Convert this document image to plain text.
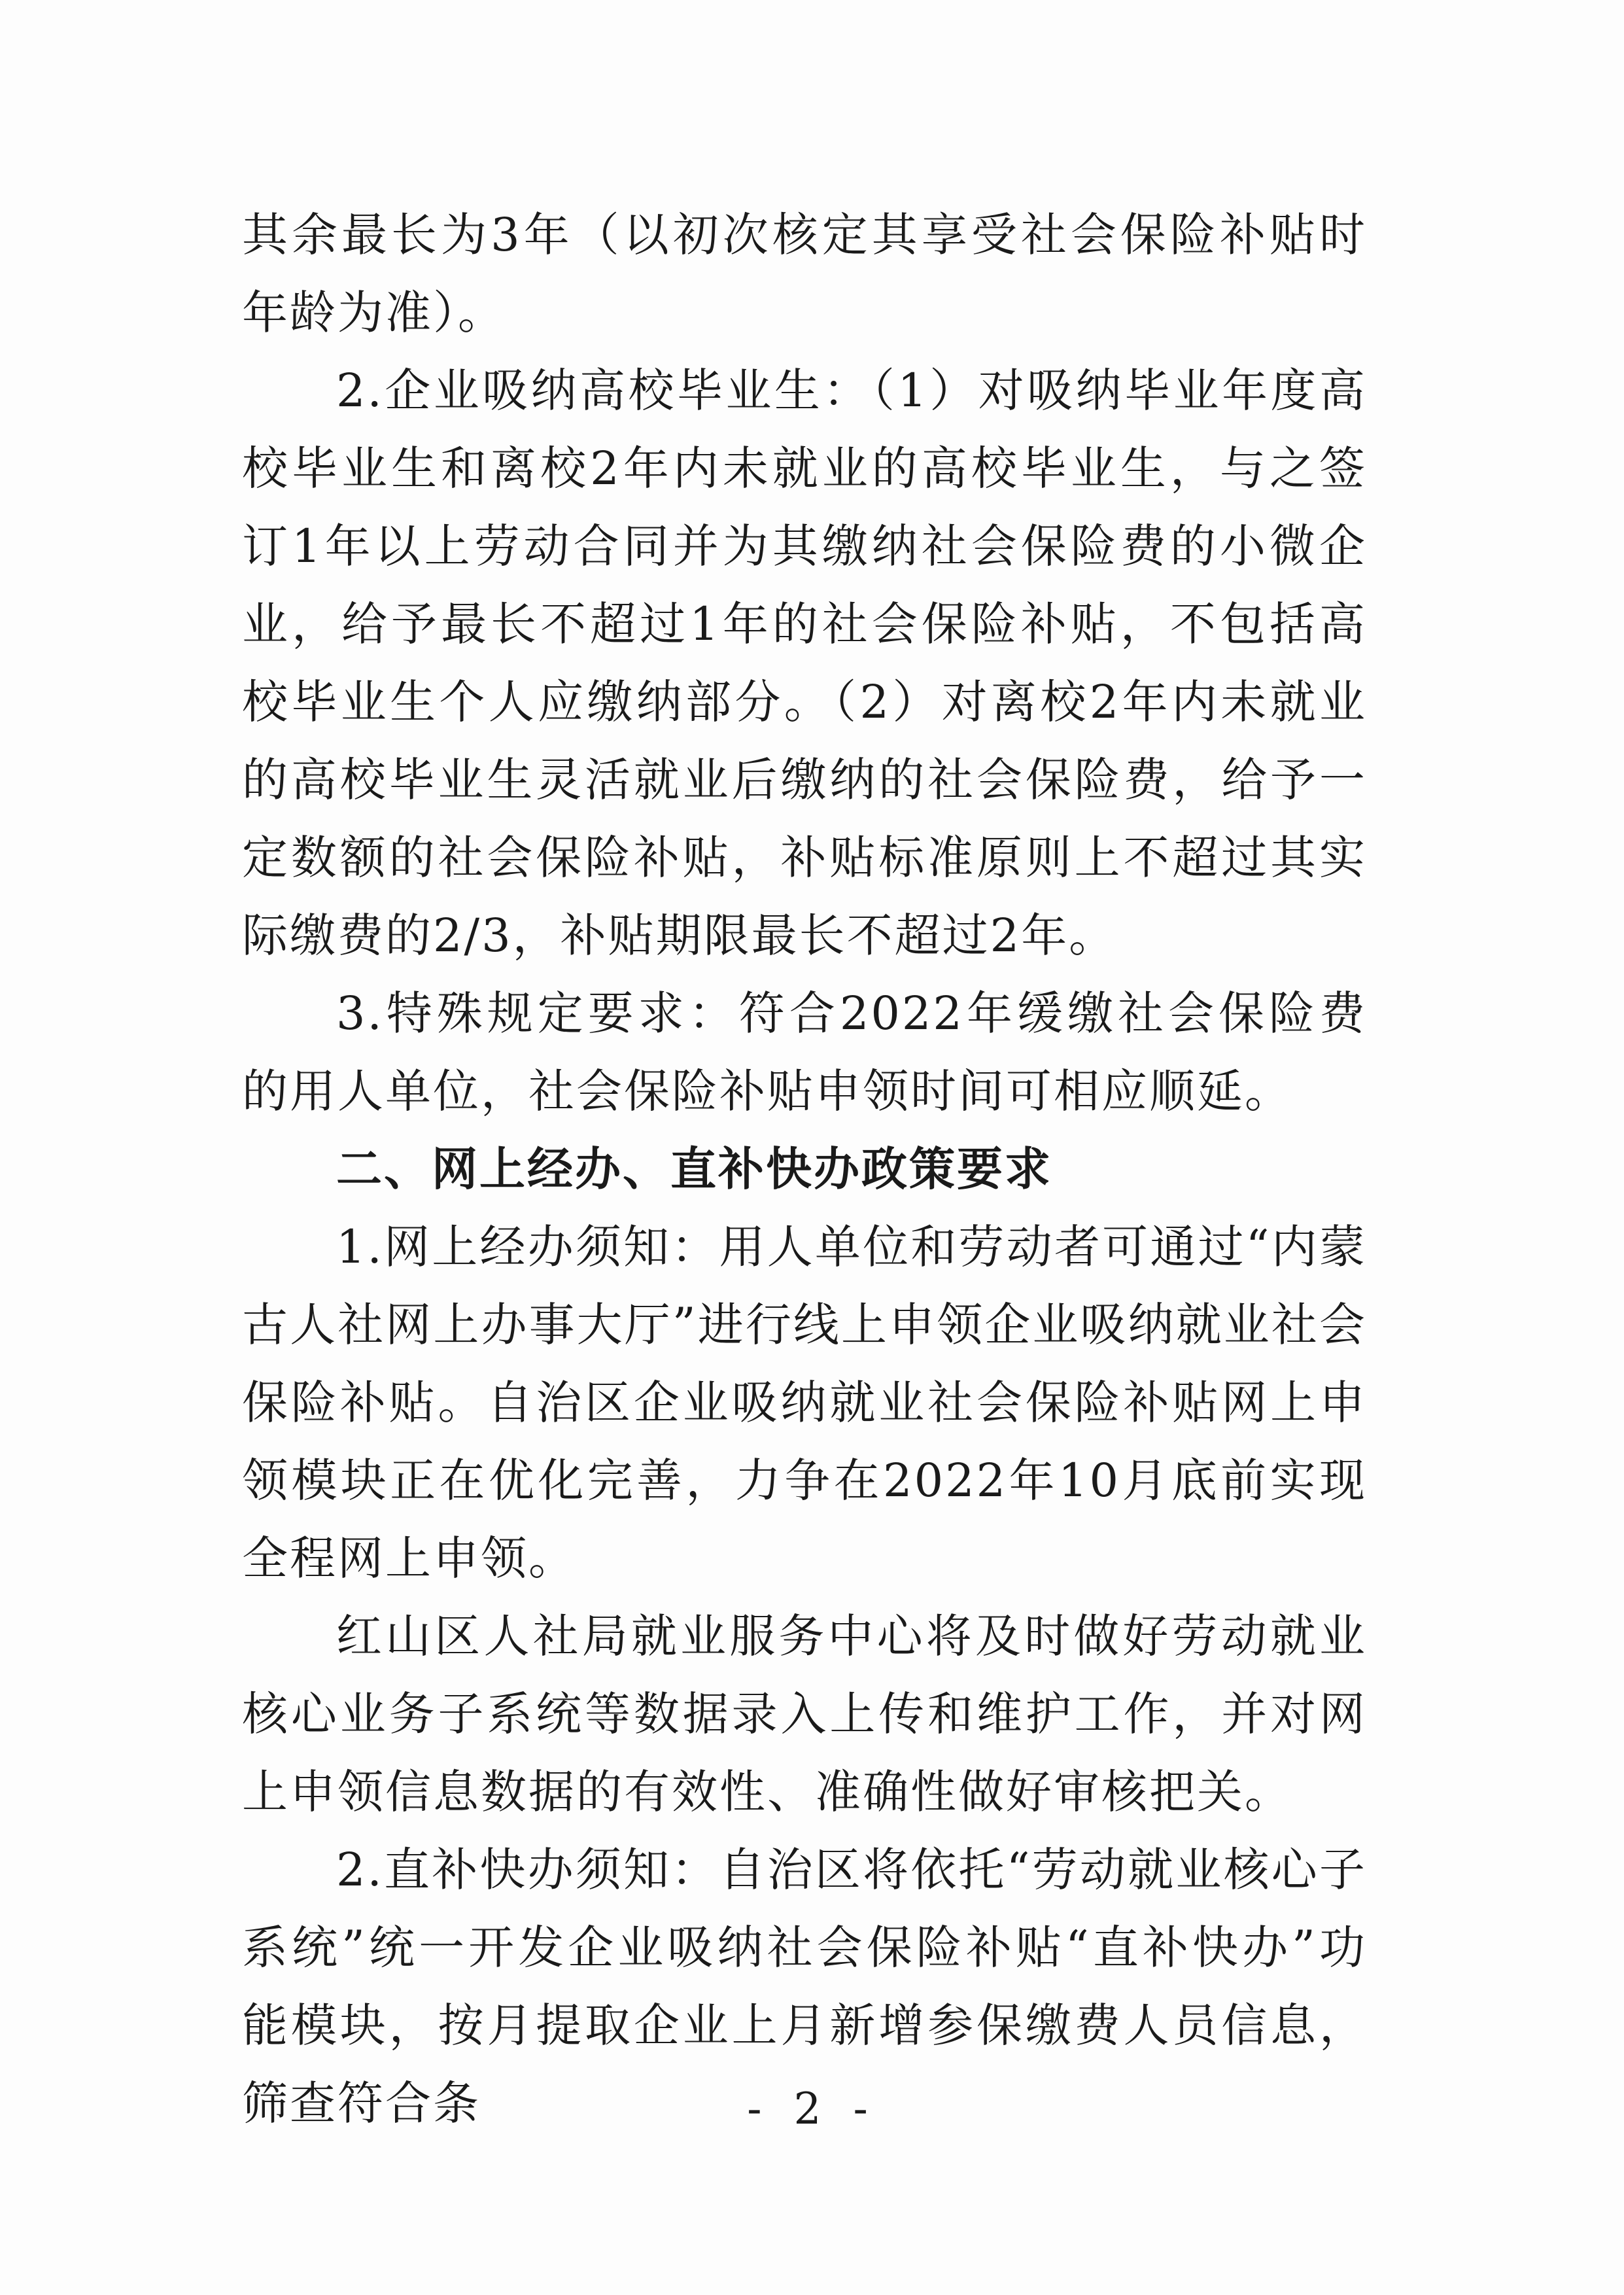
其余最长为3年（以初次核定其享受社会保险补贴时年龄为准）。

2.企业吸纳高校毕业生：（1）对吸纳毕业年度高校毕业生和离校2年内未就业的高校毕业生，与之签订1年以上劳动合同并为其缴纳社会保险费的小微企业，给予最长不超过1年的社会保险补贴，不包括高校毕业生个人应缴纳部分。（2）对离校2年内未就业的高校毕业生灵活就业后缴纳的社会保险费，给予一定数额的社会保险补贴，补贴标准原则上不超过其实际缴费的2/3，补贴期限最长不超过2年。

3.特殊规定要求：符合2022年缓缴社会保险费的用人单位，社会保险补贴申领时间可相应顺延。

二、网上经办、直补快办政策要求

1.网上经办须知：用人单位和劳动者可通过“内蒙古人社网上办事大厅”进行线上申领企业吸纳就业社会保险补贴。自治区企业吸纳就业社会保险补贴网上申领模块正在优化完善，力争在2022年10月底前实现全程网上申领。

红山区人社局就业服务中心将及时做好劳动就业核心业务子系统等数据录入上传和维护工作，并对网上申领信息数据的有效性、准确性做好审核把关。

2.直补快办须知：自治区将依托“劳动就业核心子系统”统一开发企业吸纳社会保险补贴“直补快办”功能模块，按月提取企业上月新增参保缴费人员信息，筛查符合条	- 2 -
